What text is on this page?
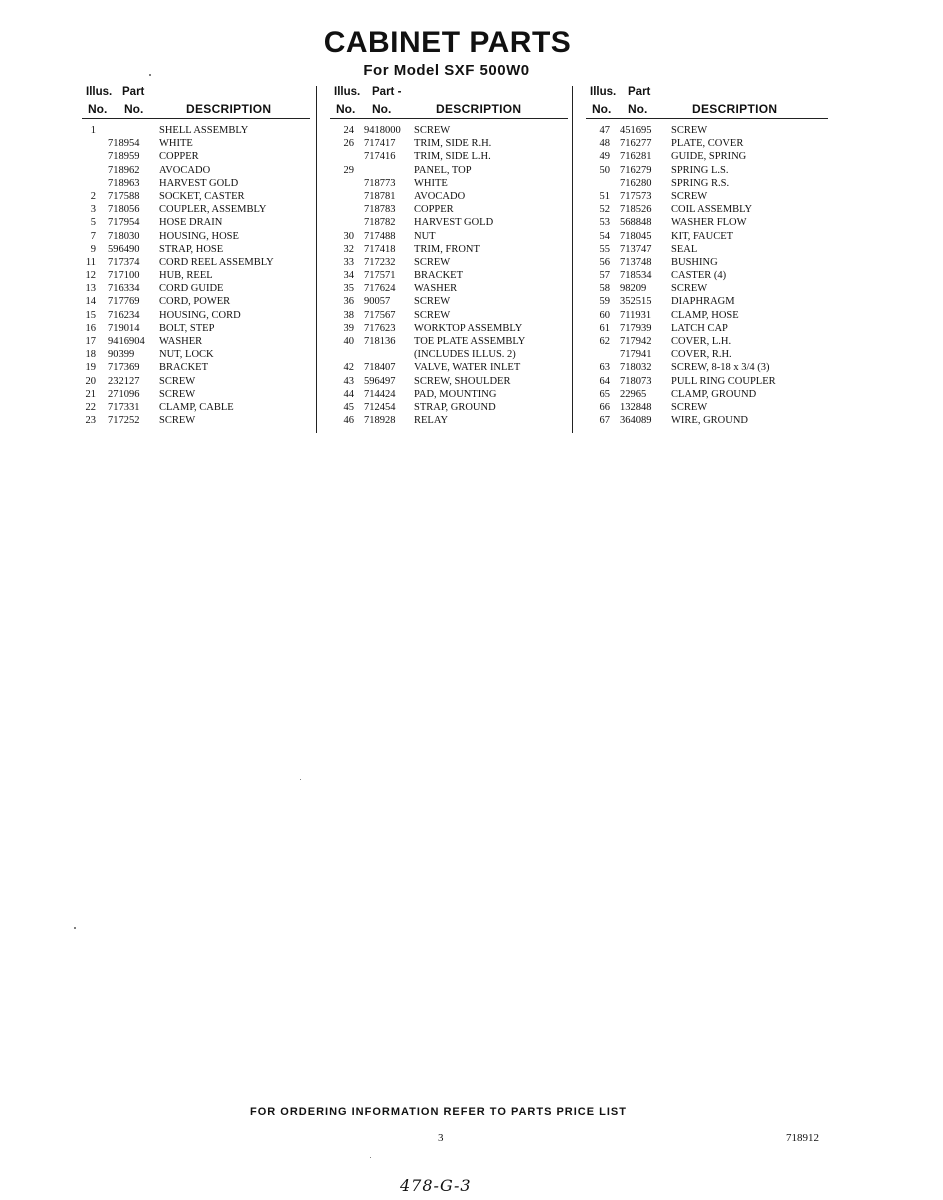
CABINET PARTS
For Model SXF 500W0
Illus. Part
No. No.	DESCRIPTION
1	SHELL ASSEMBLY
718954 WHITE
718959 COPPER
718962 AVOCADO
718963 HARVEST GOLD
2 717588 SOCKET, CASTER
3 718056 COUPLER, ASSEMBLY
5 717954 HOSE DRAIN
7 718030 HOUSING, HOSE
9 596490 STRAP, HOSE
11 717374 CORD REEL ASSEMBLY
12 717100 HUB, REEL
13 716334 CORD GUIDE
14 717769 CORD, POWER
15 716234 HOUSING, CORD
16 719014 BOLT, STEP
17 9416904 WASHER
18 90399 NUT, LOCK
19 717369 BRACKET
20 232127 SCREW
21 271096 SCREW
22 717331 CLAMP, CABLE
23 717252 SCREW
Illus. Part -
No. No.	DESCRIPTION
24 9418000 SCREW
26 717417 TRIM, SIDE R.H.
717416 TRIM, SIDE L.H.
29	PANEL, TOP
718773 WHITE
718781 AVOCADO
718783 COPPER
718782 HARVEST GOLD
30 717488 NUT
32 717418 TRIM, FRONT
33 717232 SCREW
34 717571 BRACKET
35 717624 WASHER
36 90057 SCREW
38 717567 SCREW
39 717623 WORKTOP ASSEMBLY
40 718136 TOE PLATE ASSEMBLY
(INCLUDES ILLUS. 2)
42 718407 VALVE, WATER INLET
43 596497 SCREW, SHOULDER
44 714424 PAD, MOUNTING
45 712454 STRAP, GROUND
46 718928 RELAY
Illus. Part
No. No.	DESCRIPTION
47 451695 SCREW
48 716277 PLATE, COVER
49 716281 GUIDE, SPRING
50 716279 SPRING L.S.
716280 SPRING R.S.
51 717573 SCREW
52 718526 COIL ASSEMBLY
53 568848 WASHER FLOW
54 718045 KIT, FAUCET
55 713747 SEAL
56 713748 BUSHING
57 718534 CASTER (4)
58 98209 SCREW
59 352515 DIAPHRAGM
60 711931 CLAMP, HOSE
61 717939 LATCH CAP
62 717942 COVER, L.H.
717941 COVER, R.H.
63 718032 SCREW, 8-18 x 3/4 (3)
64 718073 PULL RING COUPLER
65 22965 CLAMP, GROUND
66 132848 SCREW
67 364089 WIRE, GROUND
FOR ORDERING INFORMATION REFER TO PARTS PRICE LIST
3	718912
478-G-3
